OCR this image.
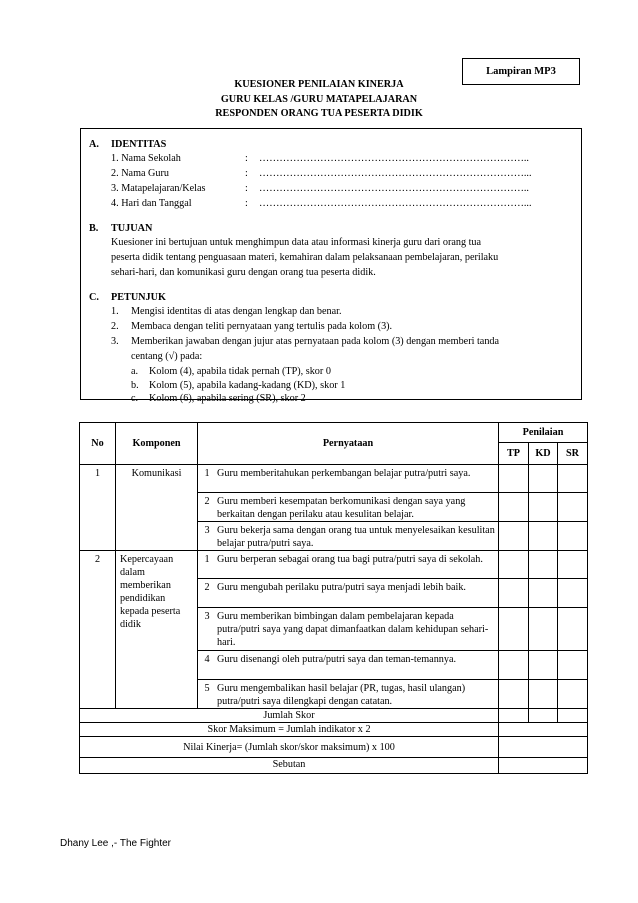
Lampiran MP3
KUESIONER PENILAIAN KINERJA
GURU KELAS /GURU MATAPELAJARAN
RESPONDEN ORANG TUA PESERTA DIDIK
A. IDENTITAS
1. Nama Sekolah	: ……………………………………………………………………..
2. Nama Guru	: ……………………………………………………………………...
3. Matapelajaran/Kelas	: ……………………………………………………………………..
4. Hari dan Tanggal	: ……………………………………………………………………...
B. TUJUAN
Kuesioner ini bertujuan untuk menghimpun data atau informasi kinerja guru dari orang tua
peserta didik tentang penguasaan materi, kemahiran dalam pelaksanaan pembelajaran, perilaku
sehari-hari, dan komunikasi guru dengan orang tua peserta didik.
C. PETUNJUK
1. Mengisi identitas di atas dengan lengkap dan benar.
2. Membaca dengan teliti pernyataan yang tertulis pada kolom (3).
3. Memberikan jawaban dengan jujur atas pernyataan pada kolom (3) dengan memberi tanda
centang (√) pada:
a. Kolom (4), apabila tidak pernah (TP), skor 0
b. Kolom (5), apabila kadang-kadang (KD), skor 1
c. Kolom (6), apabila sering (SR), skor 2
No	Komponen	Pernyataan	Penilaian		
			TP	KD	SR
1	Komunikasi	1 Guru memberitahukan perkembangan belajar putra/putri saya.			

		2 Guru memberi kesempatan berkomunikasi dengan saya yang berkaitan dengan perilaku atau kesulitan belajar.			

		3 Guru bekerja sama dengan orang tua untuk menyelesaikan kesulitan belajar putra/putri saya.			

2	Kepercayaan dalam memberikan pendidikan kepada peserta didik	1 Guru berperan sebagai orang tua bagi putra/putri saya di sekolah.			

		2 Guru mengubah perilaku putra/putri saya menjadi lebih baik.			

		3 Guru memberikan bimbingan dalam pembelajaran kepada putra/putri saya yang dapat dimanfaatkan dalam kehidupan sehari-hari.			

		4 Guru disenangi oleh putra/putri saya dan teman-temannya.			

		5 Guru mengembalikan hasil belajar (PR, tugas, hasil ulangan) putra/putri saya dilengkapi dengan catatan.			

Jumlah Skor					
Skor Maksimum = Jumlah indikator x 2					
Nilai Kinerja= (Jumlah skor/skor maksimum) x 100					
Sebutan					
Dhany Lee ,- The Fighter
